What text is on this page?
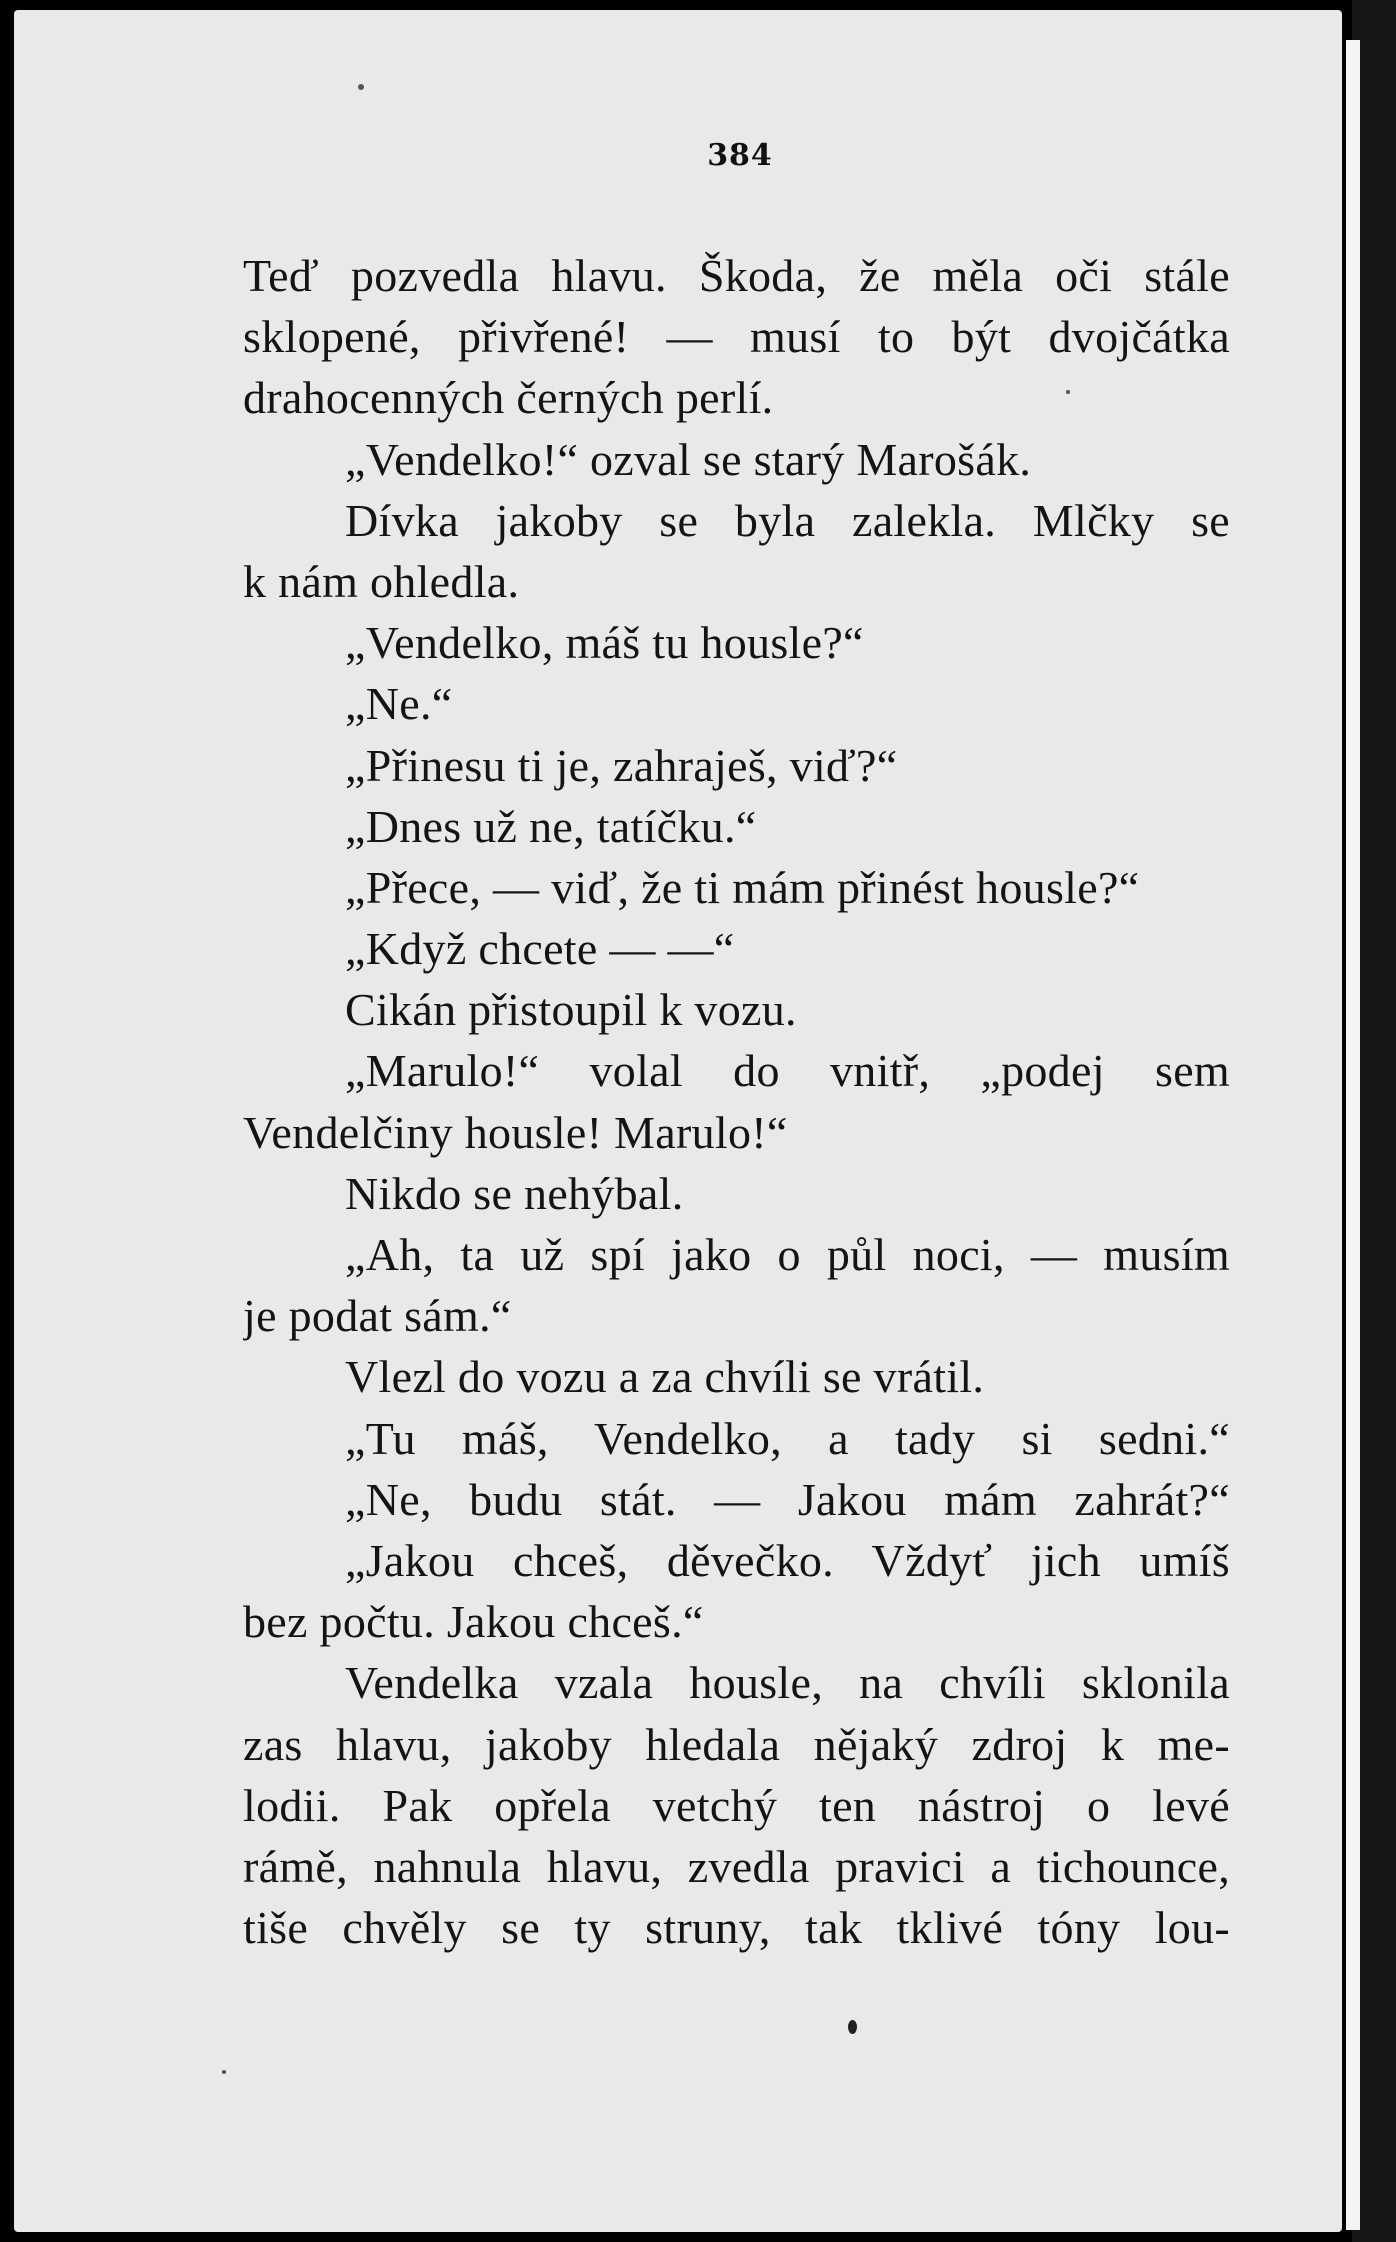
384
Teď pozvedla hlavu. Škoda, že měla oči stále
sklopené, přivřené! — musí to být dvojčátka
drahocenných černých perlí.
„Vendelko!“ ozval se starý Marošák.
Dívka jakoby se byla zalekla. Mlčky se
k nám ohledla.
„Vendelko, máš tu housle?“
„Ne.“
„Přinesu ti je, zahraješ, viď?“
„Dnes už ne, tatíčku.“
„Přece, — viď, že ti mám přinést housle?“
„Když chcete — —“
Cikán přistoupil k vozu.
„Marulo!“ volal do vnitř, „podej sem
Vendelčiny housle! Marulo!“
Nikdo se nehýbal.
„Ah, ta už spí jako o půl noci, — musím
je podat sám.“
Vlezl do vozu a za chvíli se vrátil.
„Tu máš, Vendelko, a tady si sedni.“
„Ne, budu stát. — Jakou mám zahrát?“
„Jakou chceš, děvečko. Vždyť jich umíš
bez počtu. Jakou chceš.“
Vendelka vzala housle, na chvíli sklonila
zas hlavu, jakoby hledala nějaký zdroj k me-
lodii. Pak opřela vetchý ten nástroj o levé
rámě, nahnula hlavu, zvedla pravici a tichounce,
tiše chvěly se ty struny, tak tklivé tóny lou-
